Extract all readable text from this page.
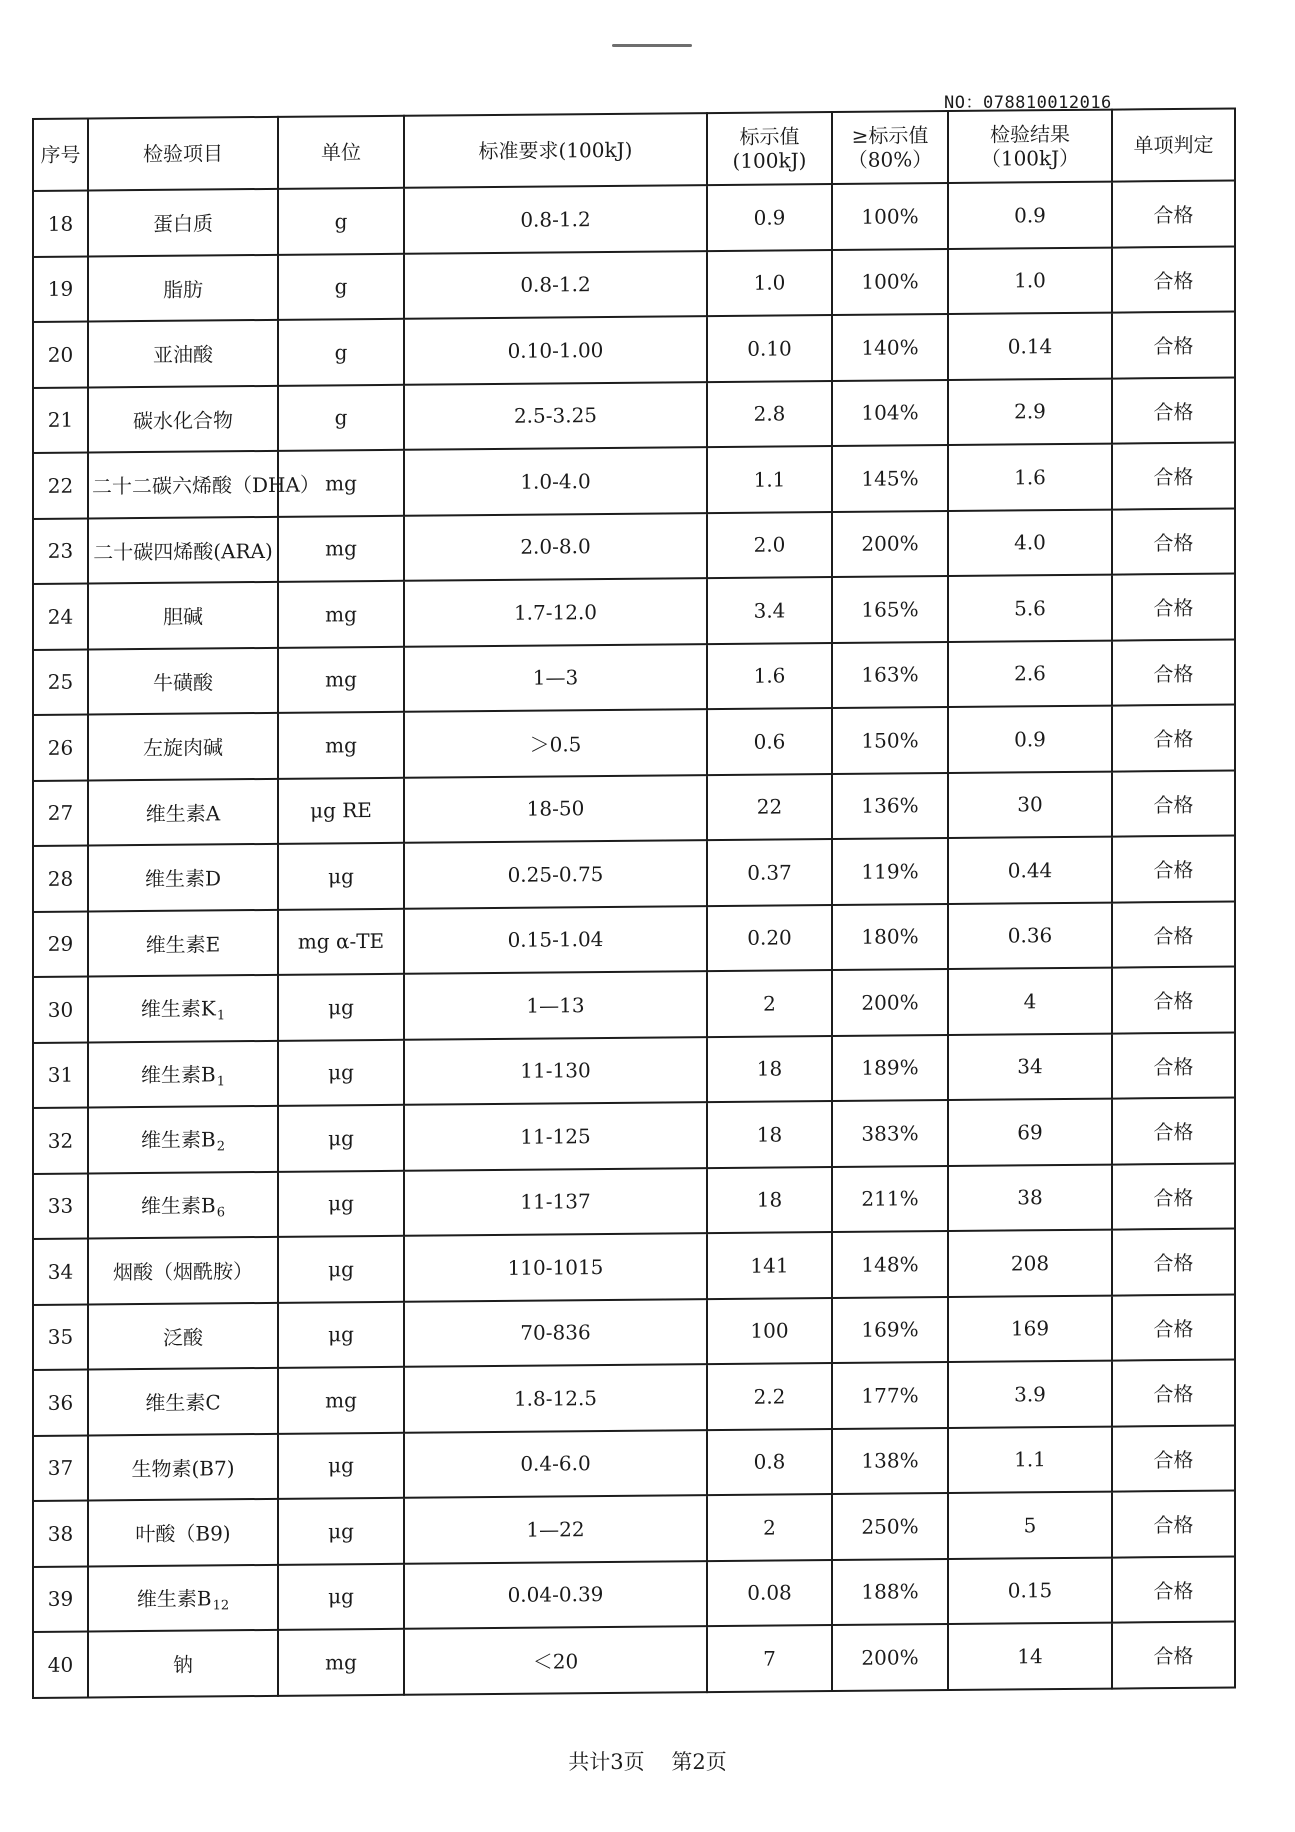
NO：078810012016
序号	检验项目	单位	标准要求(100kJ)	标示值(100kJ)	≥标示值（80%）	检验结果（100kJ）	单项判定
18	蛋白质	g	0.8-1.2	0.9	100%	0.9	合格
19	脂肪	g	0.8-1.2	1.0	100%	1.0	合格
20	亚油酸	g	0.10-1.00	0.10	140%	0.14	合格
21	碳水化合物	g	2.5-3.25	2.8	104%	2.9	合格
22	二十二碳六烯酸（DHA）	mg	1.0-4.0	1.1	145%	1.6	合格
23	二十碳四烯酸(ARA)	mg	2.0-8.0	2.0	200%	4.0	合格
24	胆碱	mg	1.7-12.0	3.4	165%	5.6	合格
25	牛磺酸	mg	1—3	1.6	163%	2.6	合格
26	左旋肉碱	mg	＞0.5	0.6	150%	0.9	合格
27	维生素A	μg RE	18-50	22	136%	30	合格
28	维生素D	μg	0.25-0.75	0.37	119%	0.44	合格
29	维生素E	mg α-TE	0.15-1.04	0.20	180%	0.36	合格
30	维生素$K_1$	μg	1—13	2	200%	4	合格
31	维生素$B_1$	μg	11-130	18	189%	34	合格
32	维生素$B_2$	μg	11-125	18	383%	69	合格
33	维生素$B_6$	μg	11-137	18	211%	38	合格
34	烟酸（烟酰胺）	μg	110-1015	141	148%	208	合格
35	泛酸	μg	70-836	100	169%	169	合格
36	维生素C	mg	1.8-12.5	2.2	177%	3.9	合格
37	生物素(B7)	μg	0.4-6.0	0.8	138%	1.1	合格
38	叶酸（B9)	μg	1—22	2	250%	5	合格
39	维生素$B_{12}$	μg	0.04-0.39	0.08	188%	0.15	合格
40	钠	mg	＜20	7	200%	14	合格
共计3页 第2页
